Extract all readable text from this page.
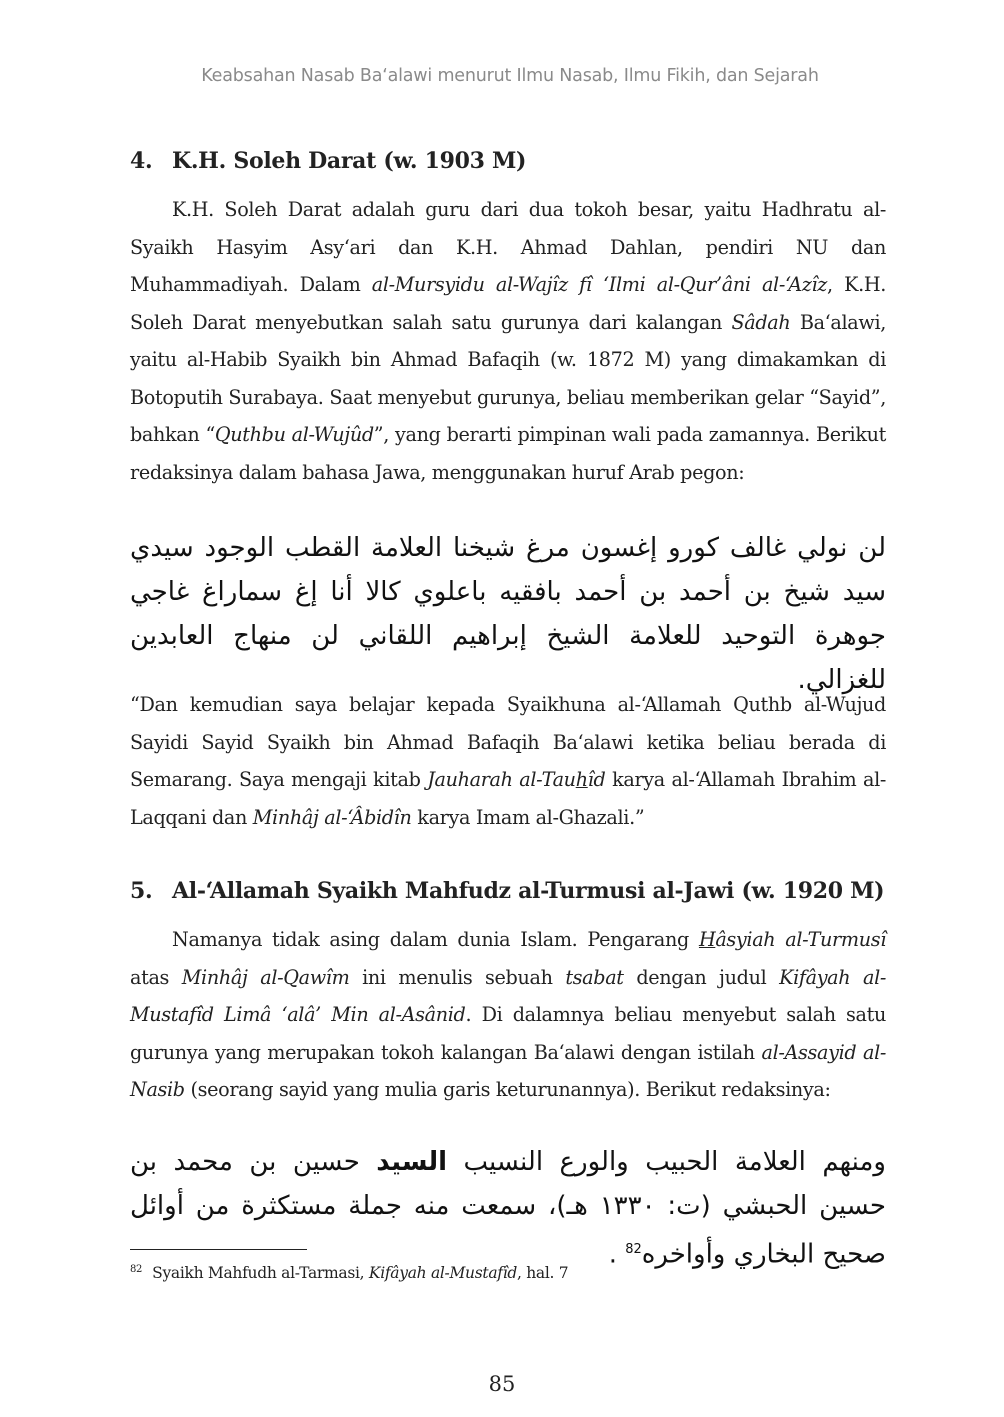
Keabsahan Nasab Ba‘alawi menurut Ilmu Nasab, Ilmu Fikih, dan Sejarah
4. K.H. Soleh Darat (w. 1903 M)

K.H. Soleh Darat adalah guru dari dua tokoh besar, yaitu Hadhratu al-Syaikh Hasyim Asy‘ari dan K.H. Ahmad Dahlan, pendiri NU dan Muhammadiyah. Dalam al-Mursyidu al-Wajîz fî ‘Ilmi al-Qur’âni al-‘Azîz, K.H. Soleh Darat menyebutkan salah satu gurunya dari kalangan Sâdah Ba‘alawi, yaitu al-Habib Syaikh bin Ahmad Bafaqih (w. 1872 M) yang dimakamkan di Botoputih Surabaya. Saat menyebut gurunya, beliau memberikan gelar “Sayid”, bahkan “Quthbu al-Wujûd”, yang berarti pimpinan wali pada zamannya. Berikut redaksinya dalam bahasa Jawa, menggunakan huruf Arab pegon:

لن نولي غالف كورو إغسون مرغ شيخنا العلامة القطب الوجود سيدي سيد شيخ بن أحمد بن أحمد بافقيه باعلوي كالا أنا إغ سماراغ غاجي جوهرة التوحيد للعلامة الشيخ إبراهيم اللقاني لن منهاج العابدين للغزالي.

“Dan kemudian saya belajar kepada Syaikhuna al-‘Allamah Quthb al-Wujud Sayidi Sayid Syaikh bin Ahmad Bafaqih Ba‘alawi ketika beliau berada di Semarang. Saya mengaji kitab Jauharah al-Tauhîd karya al-‘Allamah Ibrahim al-Laqqani dan Minhâj al-‘Âbidîn karya Imam al-Ghazali.”

5. Al-‘Allamah Syaikh Mahfudz al-Turmusi al-Jawi (w. 1920 M)

Namanya tidak asing dalam dunia Islam. Pengarang Hâsyiah al-Turmusî atas Minhâj al-Qawîm ini menulis sebuah tsabat dengan judul Kifâyah al-Mustafîd Limâ ‘alâ’ Min al-Asânid. Di dalamnya beliau menyebut salah satu gurunya yang merupakan tokoh kalangan Ba‘alawi dengan istilah al-Assayid al-Nasib (seorang sayid yang mulia garis keturunannya). Berikut redaksinya:

ومنهم العلامة الحبيب والورع النسيب السيد حسين بن محمد بن حسين الحبشي (ت: ١٣٣٠ هـ)، سمعت منه جملة مستكثرة من أوائل صحيح البخاري وأواخره$^{82}$ .
$^{82}$ Syaikh Mahfudh al-Tarmasi, Kifâyah al-Mustafîd, hal. 7
85
